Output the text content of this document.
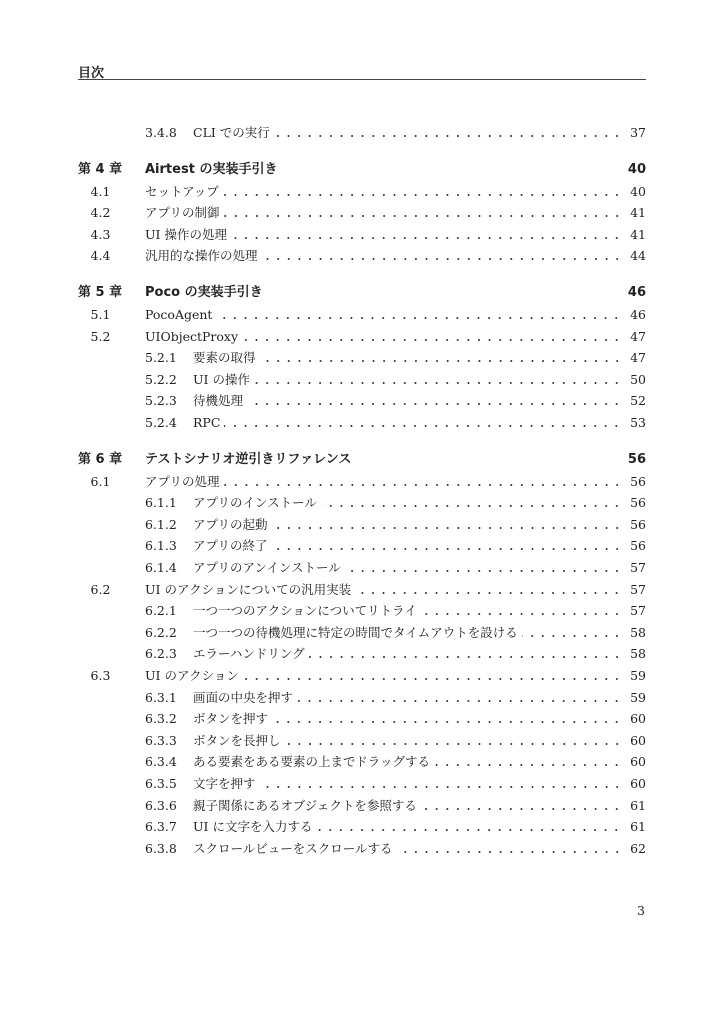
目次
3.4.8	CLI での実行	37
第 4 章	Airtest の実装手引き	40
4.1	セットアップ	40
4.2	アプリの制御	41
4.3	UI 操作の処理	41
4.4	汎用的な操作の処理	44
第 5 章	Poco の実装手引き	46
5.1	PocoAgent	46
5.2	UIObjectProxy	47
5.2.1	要素の取得	47
5.2.2	UI の操作	50
5.2.3	待機処理	52
5.2.4	RPC	53
第 6 章	テストシナリオ逆引きリファレンス	56
6.1	アプリの処理	56
6.1.1	アプリのインストール	56
6.1.2	アプリの起動	56
6.1.3	アプリの終了	56
6.1.4	アプリのアンインストール	57
6.2	UI のアクションについての汎用実装	57
6.2.1	一つ一つのアクションについてリトライ	57
6.2.2	一つ一つの待機処理に特定の時間でタイムアウトを設ける	58
6.2.3	エラーハンドリング	58
6.3	UI のアクション	59
6.3.1	画面の中央を押す	59
6.3.2	ボタンを押す	60
6.3.3	ボタンを長押し	60
6.3.4	ある要素をある要素の上までドラッグする	60
6.3.5	文字を押す	60
6.3.6	親子関係にあるオブジェクトを参照する	61
6.3.7	UI に文字を入力する	61
6.3.8	スクロールビューをスクロールする	62
3
